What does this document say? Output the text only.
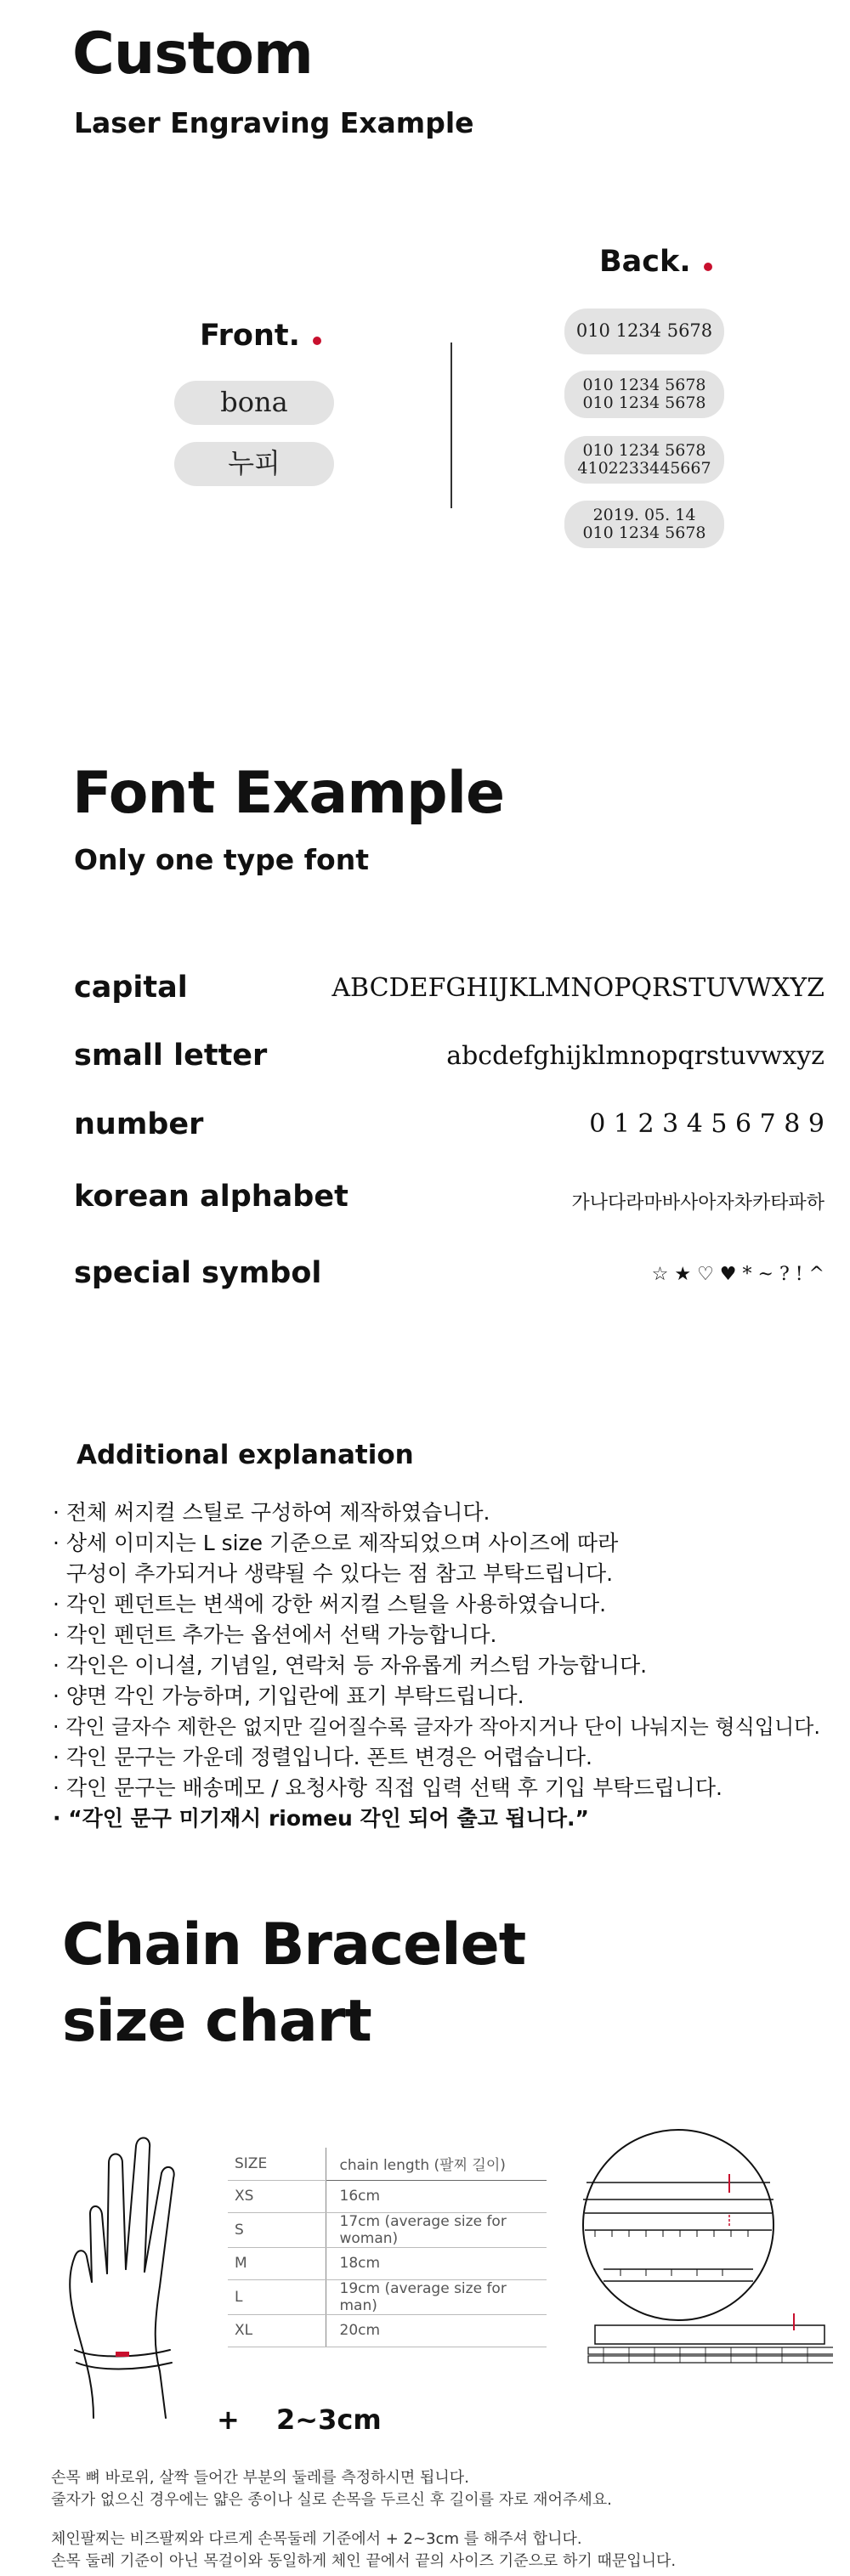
Custom
Laser Engraving Example
Front.
bona
누피
Back.
010 1234 5678
010 1234 5678
010 1234 5678
010 1234 5678
4102233445667
2019. 05. 14
010 1234 5678
Font Example
Only one type font
capital	ABCDEFGHIJKLMNOPQRSTUVWXYZ
small letter	abcdefghijklmnopqrstuvwxyz
number	0 1 2 3 4 5 6 7 8 9
korean alphabet	가나다라마바사아자차카타파하
special symbol	☆ ★ ♡ ♥ * ~ ? ! ^
Additional explanation
· 전체 써지컬 스틸로 구성하여 제작하였습니다.
· 상세 이미지는 L size 기준으로 제작되었으며 사이즈에 따라
구성이 추가되거나 생략될 수 있다는 점 참고 부탁드립니다.
· 각인 펜던트는 변색에 강한 써지컬 스틸을 사용하였습니다.
· 각인 펜던트 추가는 옵션에서 선택 가능합니다.
· 각인은 이니셜, 기념일, 연락처 등 자유롭게 커스텀 가능합니다.
· 양면 각인 가능하며, 기입란에 표기 부탁드립니다.
· 각인 글자수 제한은 없지만 길어질수록 글자가 작아지거나 단이 나눠지는 형식입니다.
· 각인 문구는 가운데 정렬입니다. 폰트 변경은 어렵습니다.
· 각인 문구는 배송메모 / 요청사항 직접 입력 선택 후 기입 부탁드립니다.
· “각인 문구 미기재시 riomeu 각인 되어 출고 됩니다.”
Chain Bracelet
size chart
SIZE	chain length (팔찌 길이)
XS	16cm
S	17cm (average size for woman)
M	18cm
L	19cm (average size for man)
XL	20cm
+ 2~3cm
손목 뼈 바로위, 살짝 들어간 부분의 둘레를 측정하시면 됩니다.
줄자가 없으신 경우에는 얇은 종이나 실로 손목을 두르신 후 길이를 자로 재어주세요.
체인팔찌는 비즈팔찌와 다르게 손목둘레 기준에서 + 2~3cm 를 해주셔 합니다.
손목 둘레 기준이 아닌 목걸이와 동일하게 체인 끝에서 끝의 사이즈 기준으로 하기 때문입니다.
